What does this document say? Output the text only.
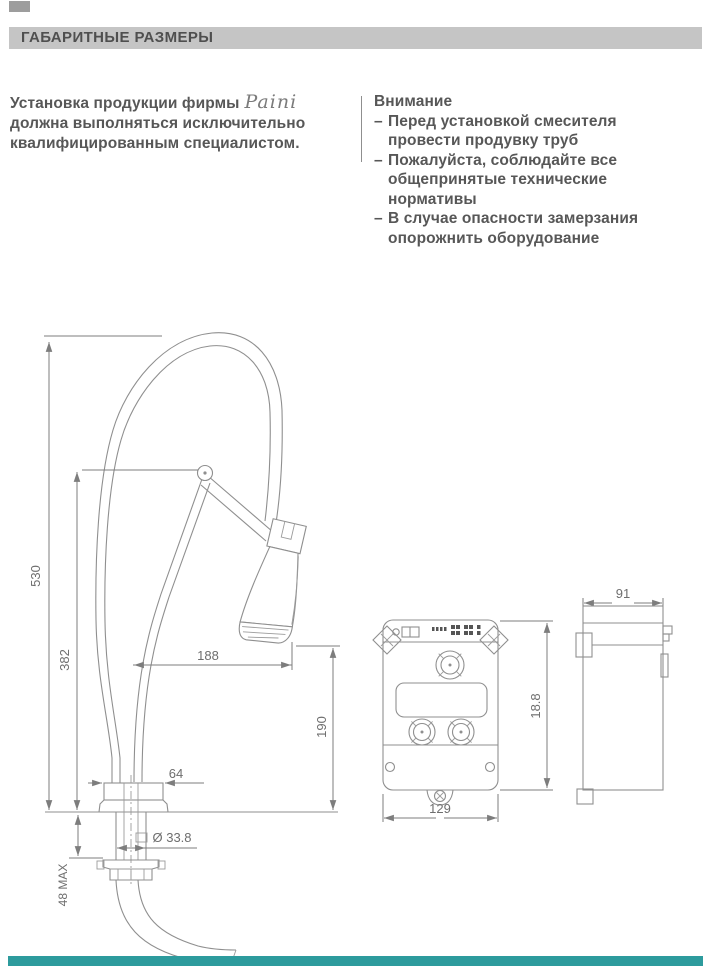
ГАБАРИТНЫЕ РАЗМЕРЫ
Установка продукции фирмы Paini
должна выполняться исключительно
квалифицированным специалистом.
Внимание
– Перед установкой смесителя
провести продувку труб
– Пожалуйста, соблюдайте все
общепринятые технические
нормативы
– В случае опасности замерзания
опорожнить оборудование
530
382	188
190
64
Ø 33.8
48 MAX
129
18.8
91
